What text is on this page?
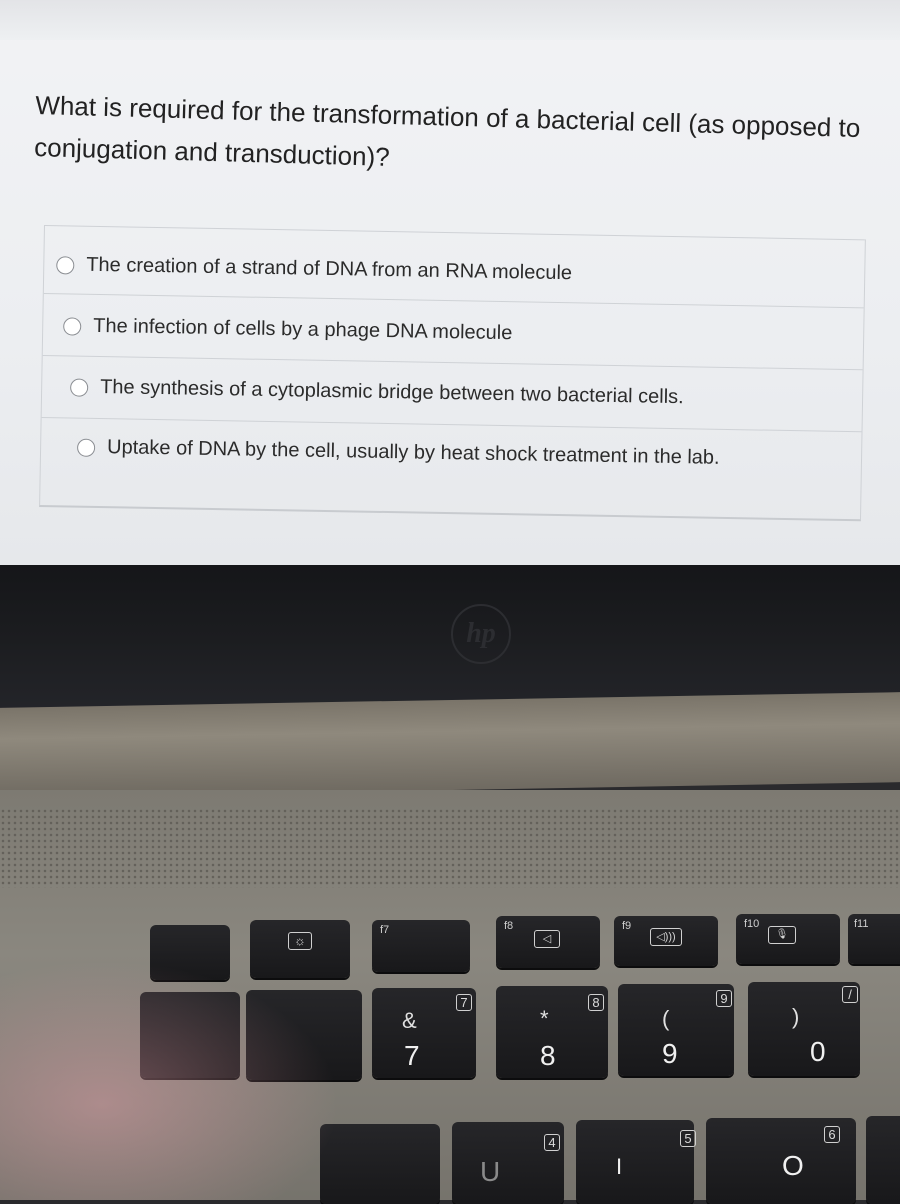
What is required for the transformation of a bacterial cell (as opposed to conjugation and transduction)?
The creation of a strand of DNA from an RNA molecule
The infection of cells by a phage DNA molecule
The synthesis of a cytoplasmic bridge between two bacterial cells.
Uptake of DNA by the cell, usually by heat shock treatment in the lab.
hp
☼
f7	f8
◁
f9
◁)))
f10
🎙
f11
&
7
7
*
8
8
(
9
9
)
0
/
U
4
I
5
O
6
